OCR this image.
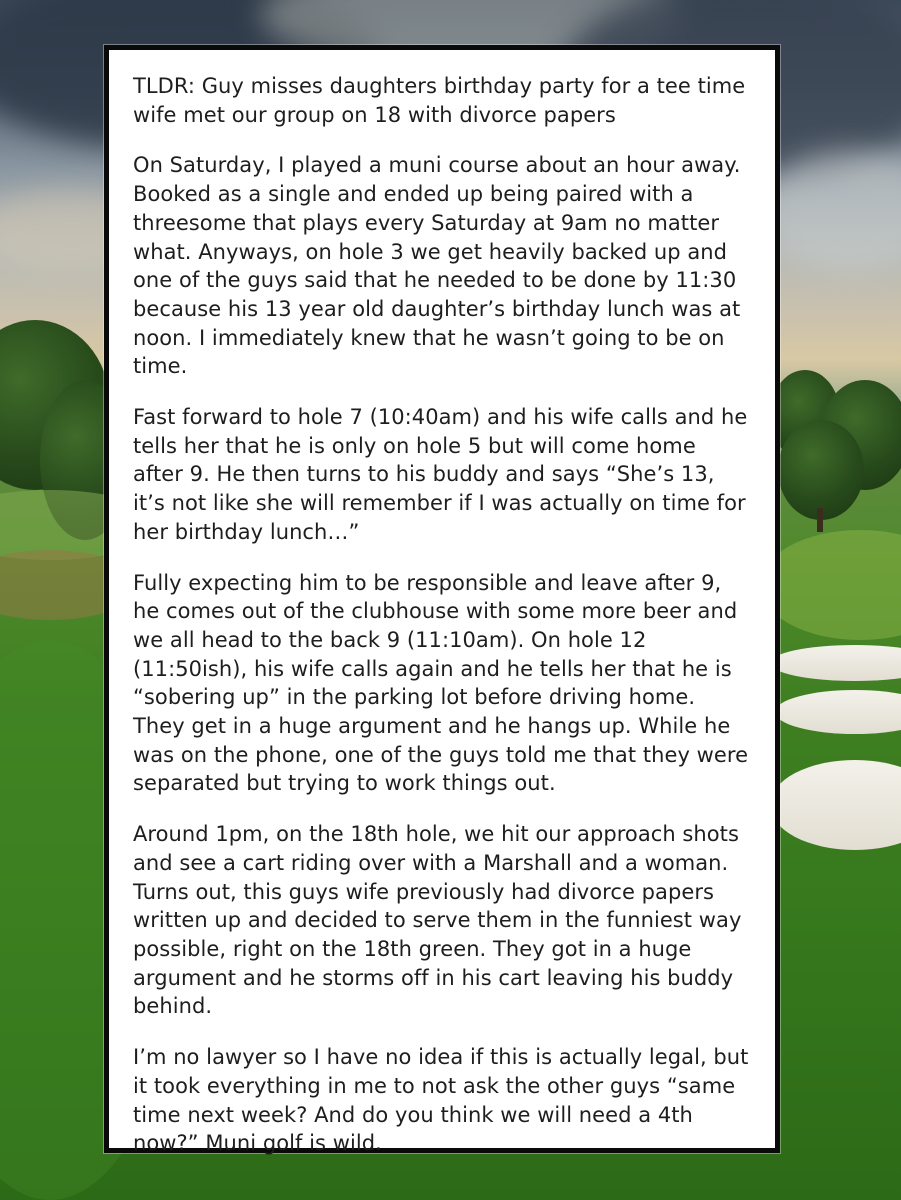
TLDR: Guy misses daughters birthday party for a tee time wife met our group on 18 with divorce papers

On Saturday, I played a muni course about an hour away. Booked as a single and ended up being paired with a threesome that plays every Saturday at 9am no matter what. Anyways, on hole 3 we get heavily backed up and one of the guys said that he needed to be done by 11:30 because his 13 year old daughter’s birthday lunch was at noon. I immediately knew that he wasn’t going to be on time.

Fast forward to hole 7 (10:40am) and his wife calls and he tells her that he is only on hole 5 but will come home after 9. He then turns to his buddy and says “She’s 13, it’s not like she will remember if I was actually on time for her birthday lunch…”

Fully expecting him to be responsible and leave after 9, he comes out of the clubhouse with some more beer and we all head to the back 9 (11:10am). On hole 12 (11:50ish), his wife calls again and he tells her that he is “sobering up” in the parking lot before driving home. They get in a huge argument and he hangs up. While he was on the phone, one of the guys told me that they were separated but trying to work things out.

Around 1pm, on the 18th hole, we hit our approach shots and see a cart riding over with a Marshall and a woman. Turns out, this guys wife previously had divorce papers written up and decided to serve them in the funniest way possible, right on the 18th green. They got in a huge argument and he storms off in his cart leaving his buddy behind.

I’m no lawyer so I have no idea if this is actually legal, but it took everything in me to not ask the other guys “same time next week? And do you think we will need a 4th now?” Muni golf is wild.
